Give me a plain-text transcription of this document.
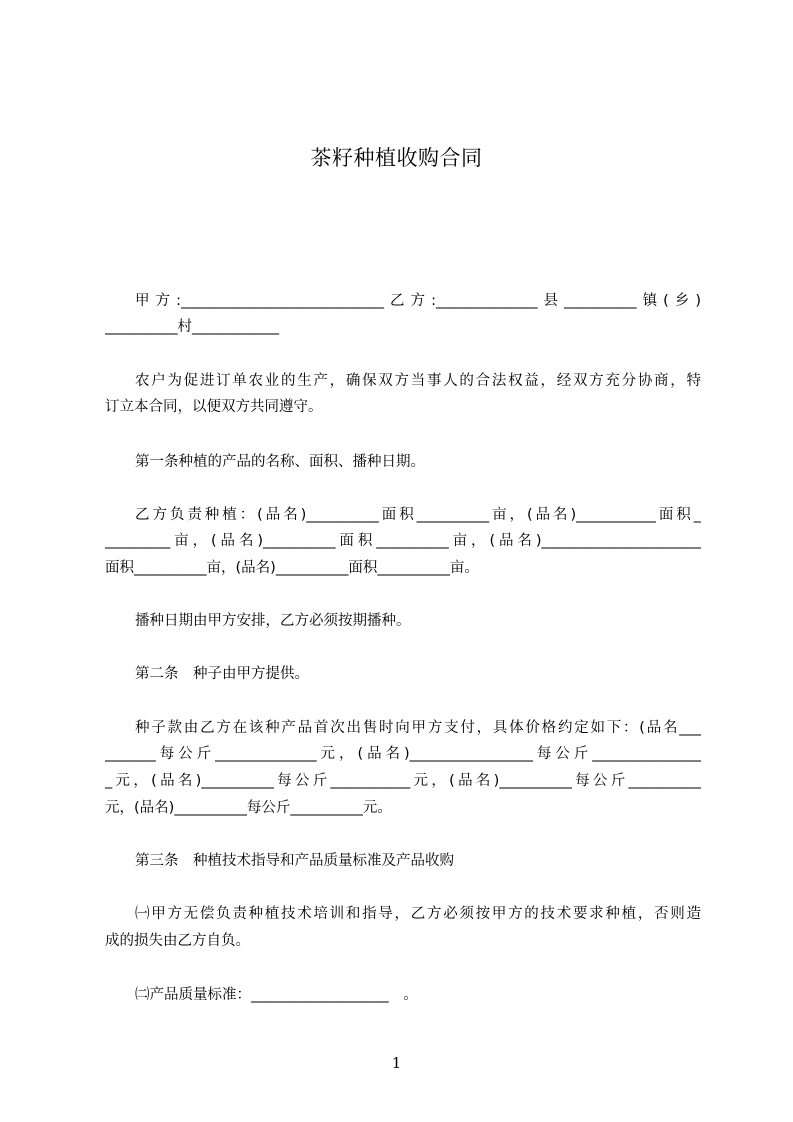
茶籽种植收购合同
甲方:____________________________乙方:______________县__________镇(乡)
__________村____________
农户为促进订单农业的生产，确保双方当事人的合法权益，经双方充分协商，特
订立本合同，以便双方共同遵守。
第一条种植的产品的名称、面积、播种日期。
乙方负责种植：(品名)__________面积__________亩，(品名)___________面积_
_________亩，(品名)__________面积__________亩，(品名)______________________
面积__________亩，(品名)__________面积__________亩。
播种日期由甲方安排，乙方必须按期播种。
第二条　种子由甲方提供。
种子款由乙方在该种产品首次出售时向甲方支付，具体价格约定如下：(品名___
_______每公斤______________元，(品名)_________________每公斤_______________
_元，(品名)__________每公斤___________元，(品名)__________每公斤__________
元，(品名)__________每公斤__________元。
第三条　种植技术指导和产品质量标准及产品收购
㈠甲方无偿负责种植技术培训和指导，乙方必须按甲方的技术要求种植，否则造
成的损失由乙方自负。
㈡产品质量标准：___________________　。
1
